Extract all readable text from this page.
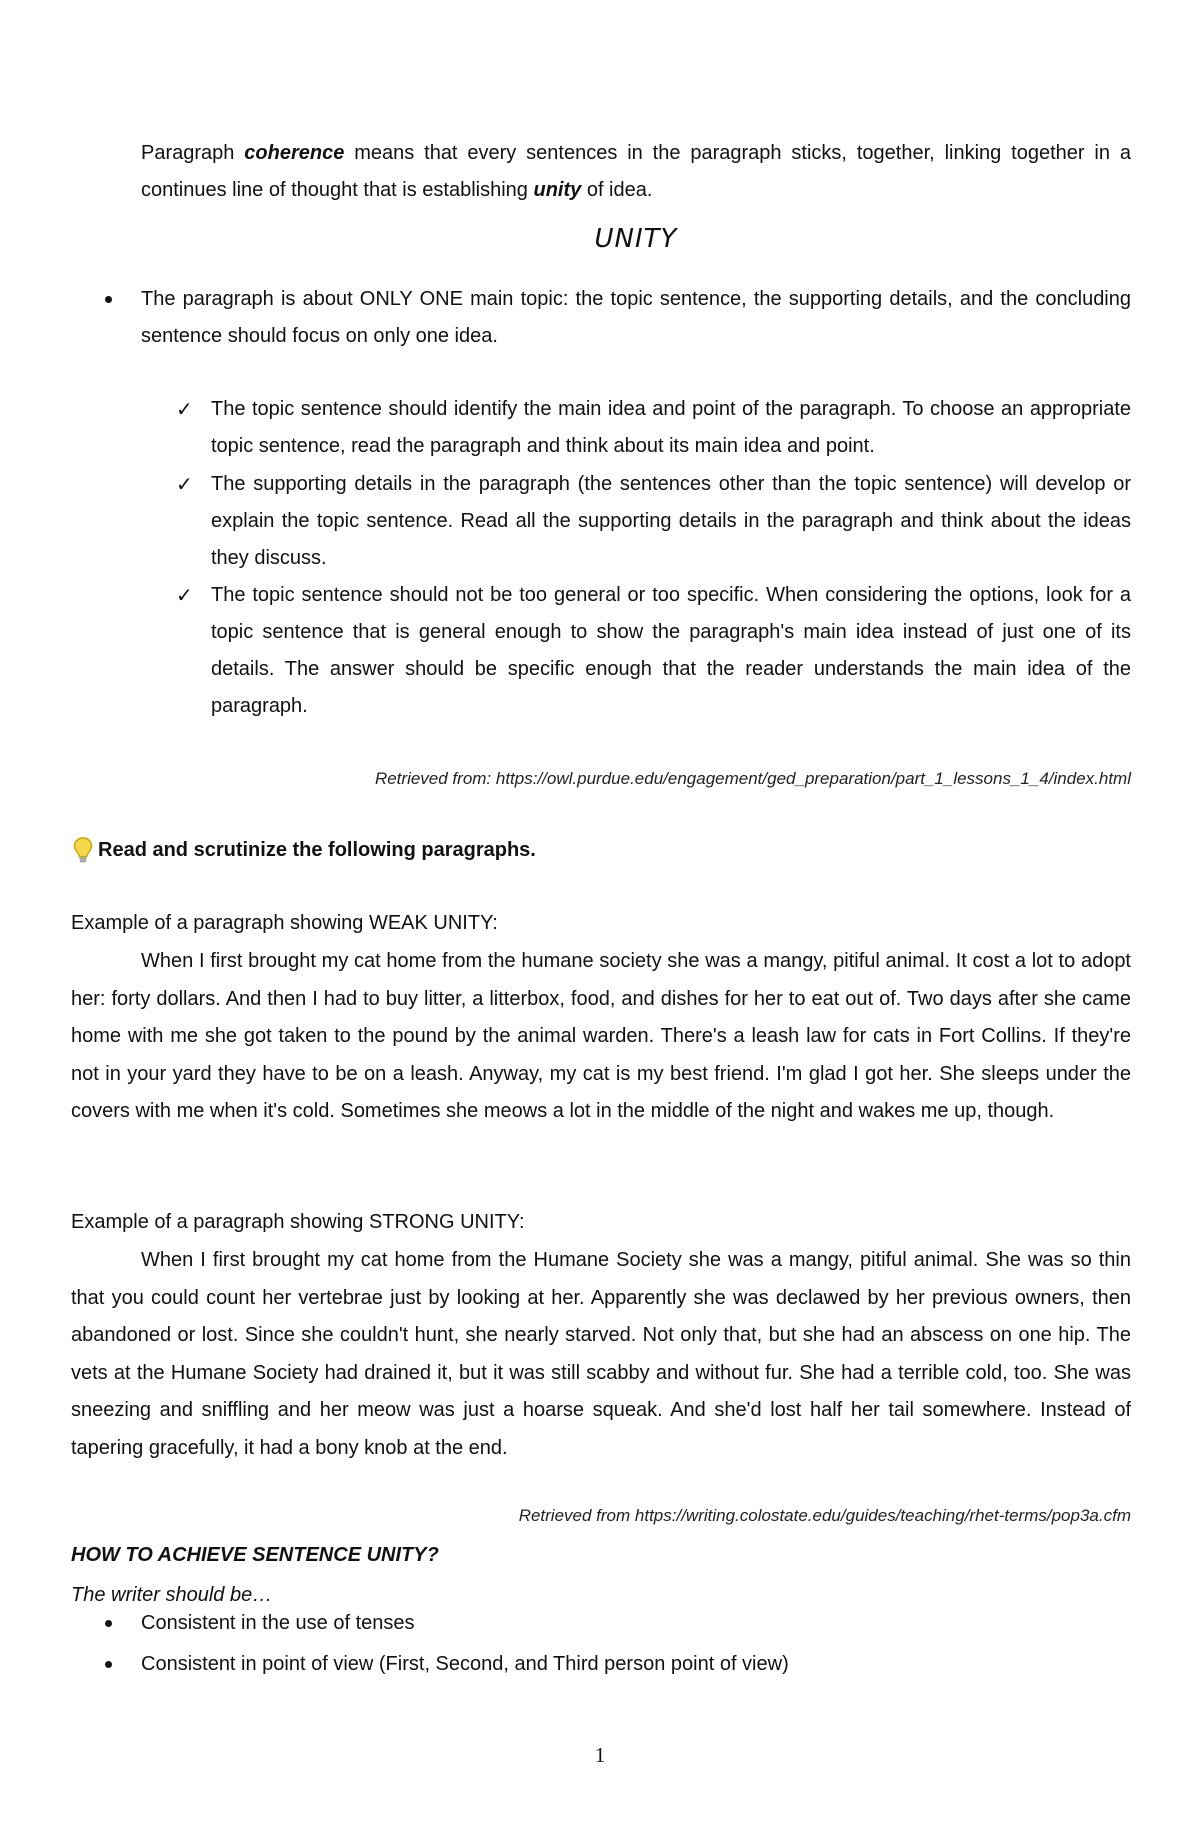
Paragraph coherence means that every sentences in the paragraph sticks, together, linking together in a continues line of thought that is establishing unity of idea.

UNITY

The paragraph is about ONLY ONE main topic: the topic sentence, the supporting details, and the concluding sentence should focus on only one idea.

✓ The topic sentence should identify the main idea and point of the paragraph. To choose an appropriate topic sentence, read the paragraph and think about its main idea and point.

✓ The supporting details in the paragraph (the sentences other than the topic sentence) will develop or explain the topic sentence. Read all the supporting details in the paragraph and think about the ideas they discuss.

✓ The topic sentence should not be too general or too specific. When considering the options, look for a topic sentence that is general enough to show the paragraph's main idea instead of just one of its details. The answer should be specific enough that the reader understands the main idea of the paragraph.

Retrieved from: https://owl.purdue.edu/engagement/ged_preparation/part_1_lessons_1_4/index.html
Read and scrutinize the following paragraphs.
Example of a paragraph showing WEAK UNITY:

When I first brought my cat home from the humane society she was a mangy, pitiful animal. It cost a lot to adopt her: forty dollars. And then I had to buy litter, a litterbox, food, and dishes for her to eat out of. Two days after she came home with me she got taken to the pound by the animal warden. There's a leash law for cats in Fort Collins. If they're not in your yard they have to be on a leash. Anyway, my cat is my best friend. I'm glad I got her. She sleeps under the covers with me when it's cold. Sometimes she meows a lot in the middle of the night and wakes me up, though.

Example of a paragraph showing STRONG UNITY:

When I first brought my cat home from the Humane Society she was a mangy, pitiful animal. She was so thin that you could count her vertebrae just by looking at her. Apparently she was declawed by her previous owners, then abandoned or lost. Since she couldn't hunt, she nearly starved. Not only that, but she had an abscess on one hip. The vets at the Humane Society had drained it, but it was still scabby and without fur. She had a terrible cold, too. She was sneezing and sniffling and her meow was just a hoarse squeak. And she'd lost half her tail somewhere. Instead of tapering gracefully, it had a bony knob at the end.

Retrieved from https://writing.colostate.edu/guides/teaching/rhet-terms/pop3a.cfm
HOW TO ACHIEVE SENTENCE UNITY?
The writer should be…
Consistent in the use of tenses
Consistent in point of view (First, Second, and Third person point of view)
1
